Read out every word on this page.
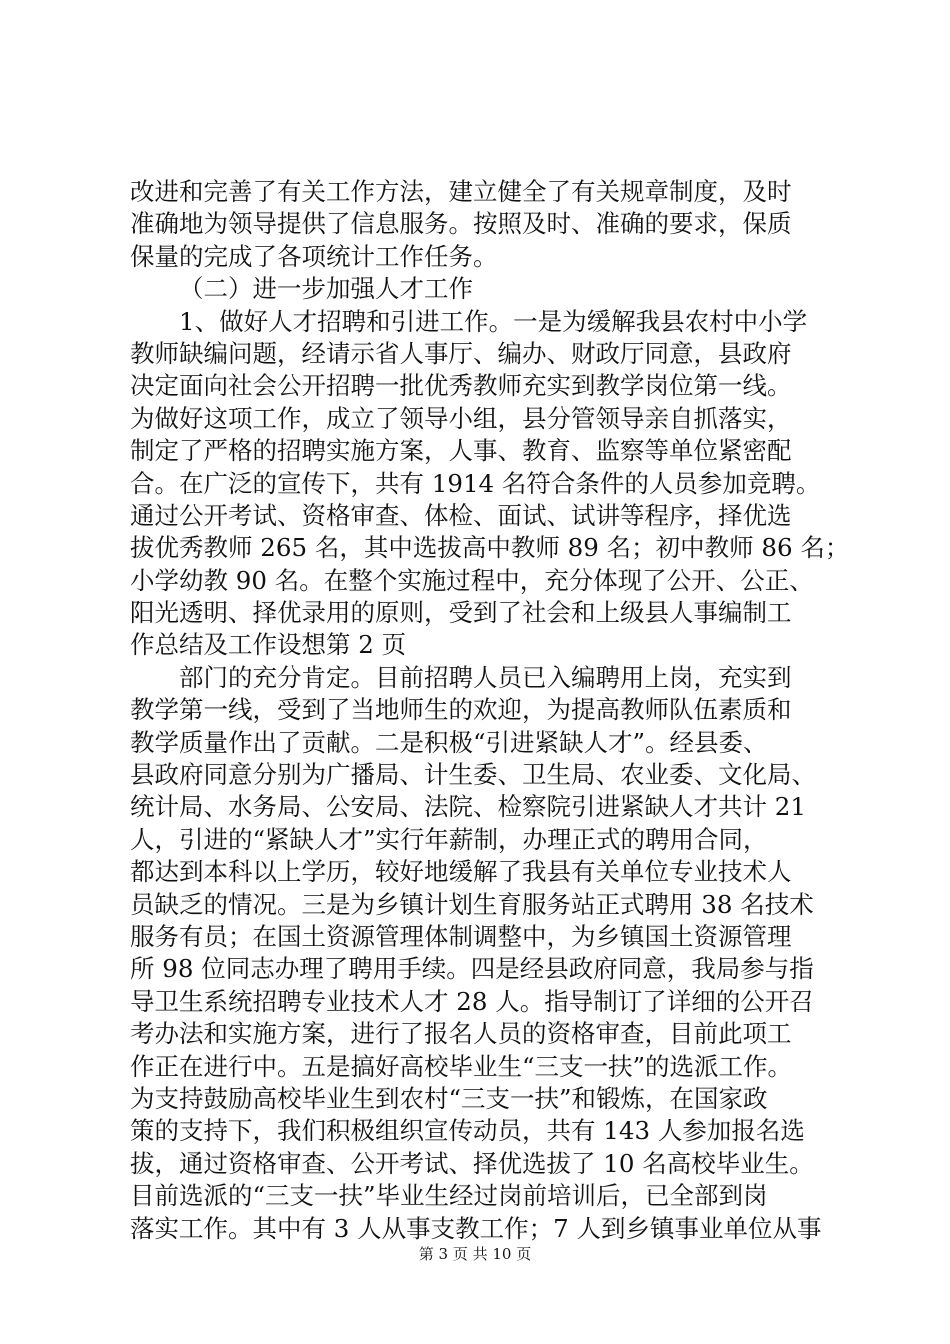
改进和完善了有关工作方法，建立健全了有关规章制度，及时
准确地为领导提供了信息服务。按照及时、准确的要求，保质
保量的完成了各项统计工作任务。
（二）进一步加强人才工作
1、做好人才招聘和引进工作。一是为缓解我县农村中小学
教师缺编问题，经请示省人事厅、编办、财政厅同意，县政府
决定面向社会公开招聘一批优秀教师充实到教学岗位第一线。
为做好这项工作，成立了领导小组，县分管领导亲自抓落实，
制定了严格的招聘实施方案，人事、教育、监察等单位紧密配
合。在广泛的宣传下，共有 1914 名符合条件的人员参加竞聘。
通过公开考试、资格审查、体检、面试、试讲等程序，择优选
拔优秀教师 265 名，其中选拔高中教师 89 名；初中教师 86 名；
小学幼教 90 名。在整个实施过程中，充分体现了公开、公正、
阳光透明、择优录用的原则，受到了社会和上级县人事编制工
作总结及工作设想第 2 页
部门的充分肯定。目前招聘人员已入编聘用上岗，充实到
教学第一线，受到了当地师生的欢迎，为提高教师队伍素质和
教学质量作出了贡献。二是积极“引进紧缺人才”。经县委、
县政府同意分别为广播局、计生委、卫生局、农业委、文化局、
统计局、水务局、公安局、法院、检察院引进紧缺人才共计 21
人，引进的“紧缺人才”实行年薪制，办理正式的聘用合同，
都达到本科以上学历，较好地缓解了我县有关单位专业技术人
员缺乏的情况。三是为乡镇计划生育服务站正式聘用 38 名技术
服务有员；在国土资源管理体制调整中，为乡镇国土资源管理
所 98 位同志办理了聘用手续。四是经县政府同意，我局参与指
导卫生系统招聘专业技术人才 28 人。指导制订了详细的公开召
考办法和实施方案，进行了报名人员的资格审查，目前此项工
作正在进行中。五是搞好高校毕业生“三支一扶”的选派工作。
为支持鼓励高校毕业生到农村“三支一扶”和锻炼，在国家政
策的支持下，我们积极组织宣传动员，共有 143 人参加报名选
拔，通过资格审查、公开考试、择优选拔了 10 名高校毕业生。
目前选派的“三支一扶”毕业生经过岗前培训后，已全部到岗
落实工作。其中有 3 人从事支教工作；7 人到乡镇事业单位从事
第 3 页 共 10 页
